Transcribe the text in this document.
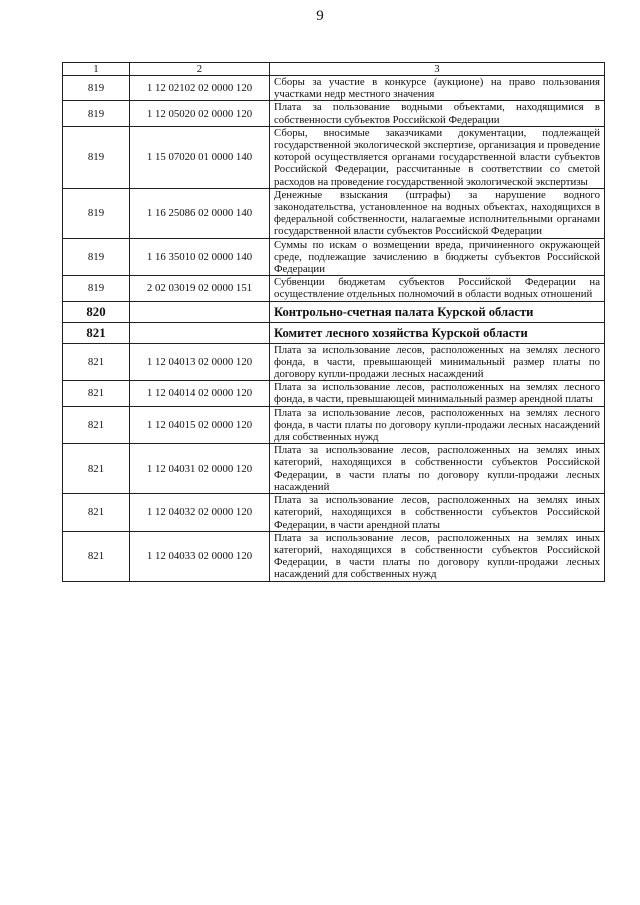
9
1	2	3
819	1 12 02102 02 0000 120	Сборы за участие в конкурсе (аукционе) на право пользования участками недр местного значения
819	1 12 05020 02 0000 120	Плата за пользование водными объектами, находящимися в собственности субъектов Российской Федерации
819	1 15 07020 01 0000 140	Сборы, вносимые заказчиками документации, подлежащей государственной экологической экспертизе, организация и проведение которой осуществляется органами государственной власти субъектов Российской Федерации, рассчитанные в соответствии со сметой расходов на проведение государственной экологической экспертизы
819	1 16 25086 02 0000 140	Денежные взыскания (штрафы) за нарушение водного законодательства, установленное на водных объектах, находящихся в федеральной собственности, налагаемые исполнительными органами государственной власти субъектов Российской Федерации
819	1 16 35010 02 0000 140	Суммы по искам о возмещении вреда, причиненного окружающей среде, подлежащие зачислению в бюджеты субъектов Российской Федерации
819	2 02 03019 02 0000 151	Субвенции бюджетам субъектов Российской Федерации на осуществление отдельных полномочий в области водных отношений
820		Контрольно-счетная палата Курской области
821		Комитет лесного хозяйства Курской области
821	1 12 04013 02 0000 120	Плата за использование лесов, расположенных на землях лесного фонда, в части, превышающей минимальный размер платы по договору купли-продажи лесных насаждений
821	1 12 04014 02 0000 120	Плата за использование лесов, расположенных на землях лесного фонда, в части, превышающей минимальный размер арендной платы
821	1 12 04015 02 0000 120	Плата за использование лесов, расположенных на землях лесного фонда, в части платы по договору купли-продажи лесных насаждений для собственных нужд
821	1 12 04031 02 0000 120	Плата за использование лесов, расположенных на землях иных категорий, находящихся в собственности субъектов Российской Федерации, в части платы по договору купли-продажи лесных насаждений
821	1 12 04032 02 0000 120	Плата за использование лесов, расположенных на землях иных категорий, находящихся в собственности субъектов Российской Федерации, в части арендной платы
821	1 12 04033 02 0000 120	Плата за использование лесов, расположенных на землях иных категорий, находящихся в собственности субъектов Российской Федерации, в части платы по договору купли-продажи лесных насаждений для собственных нужд
